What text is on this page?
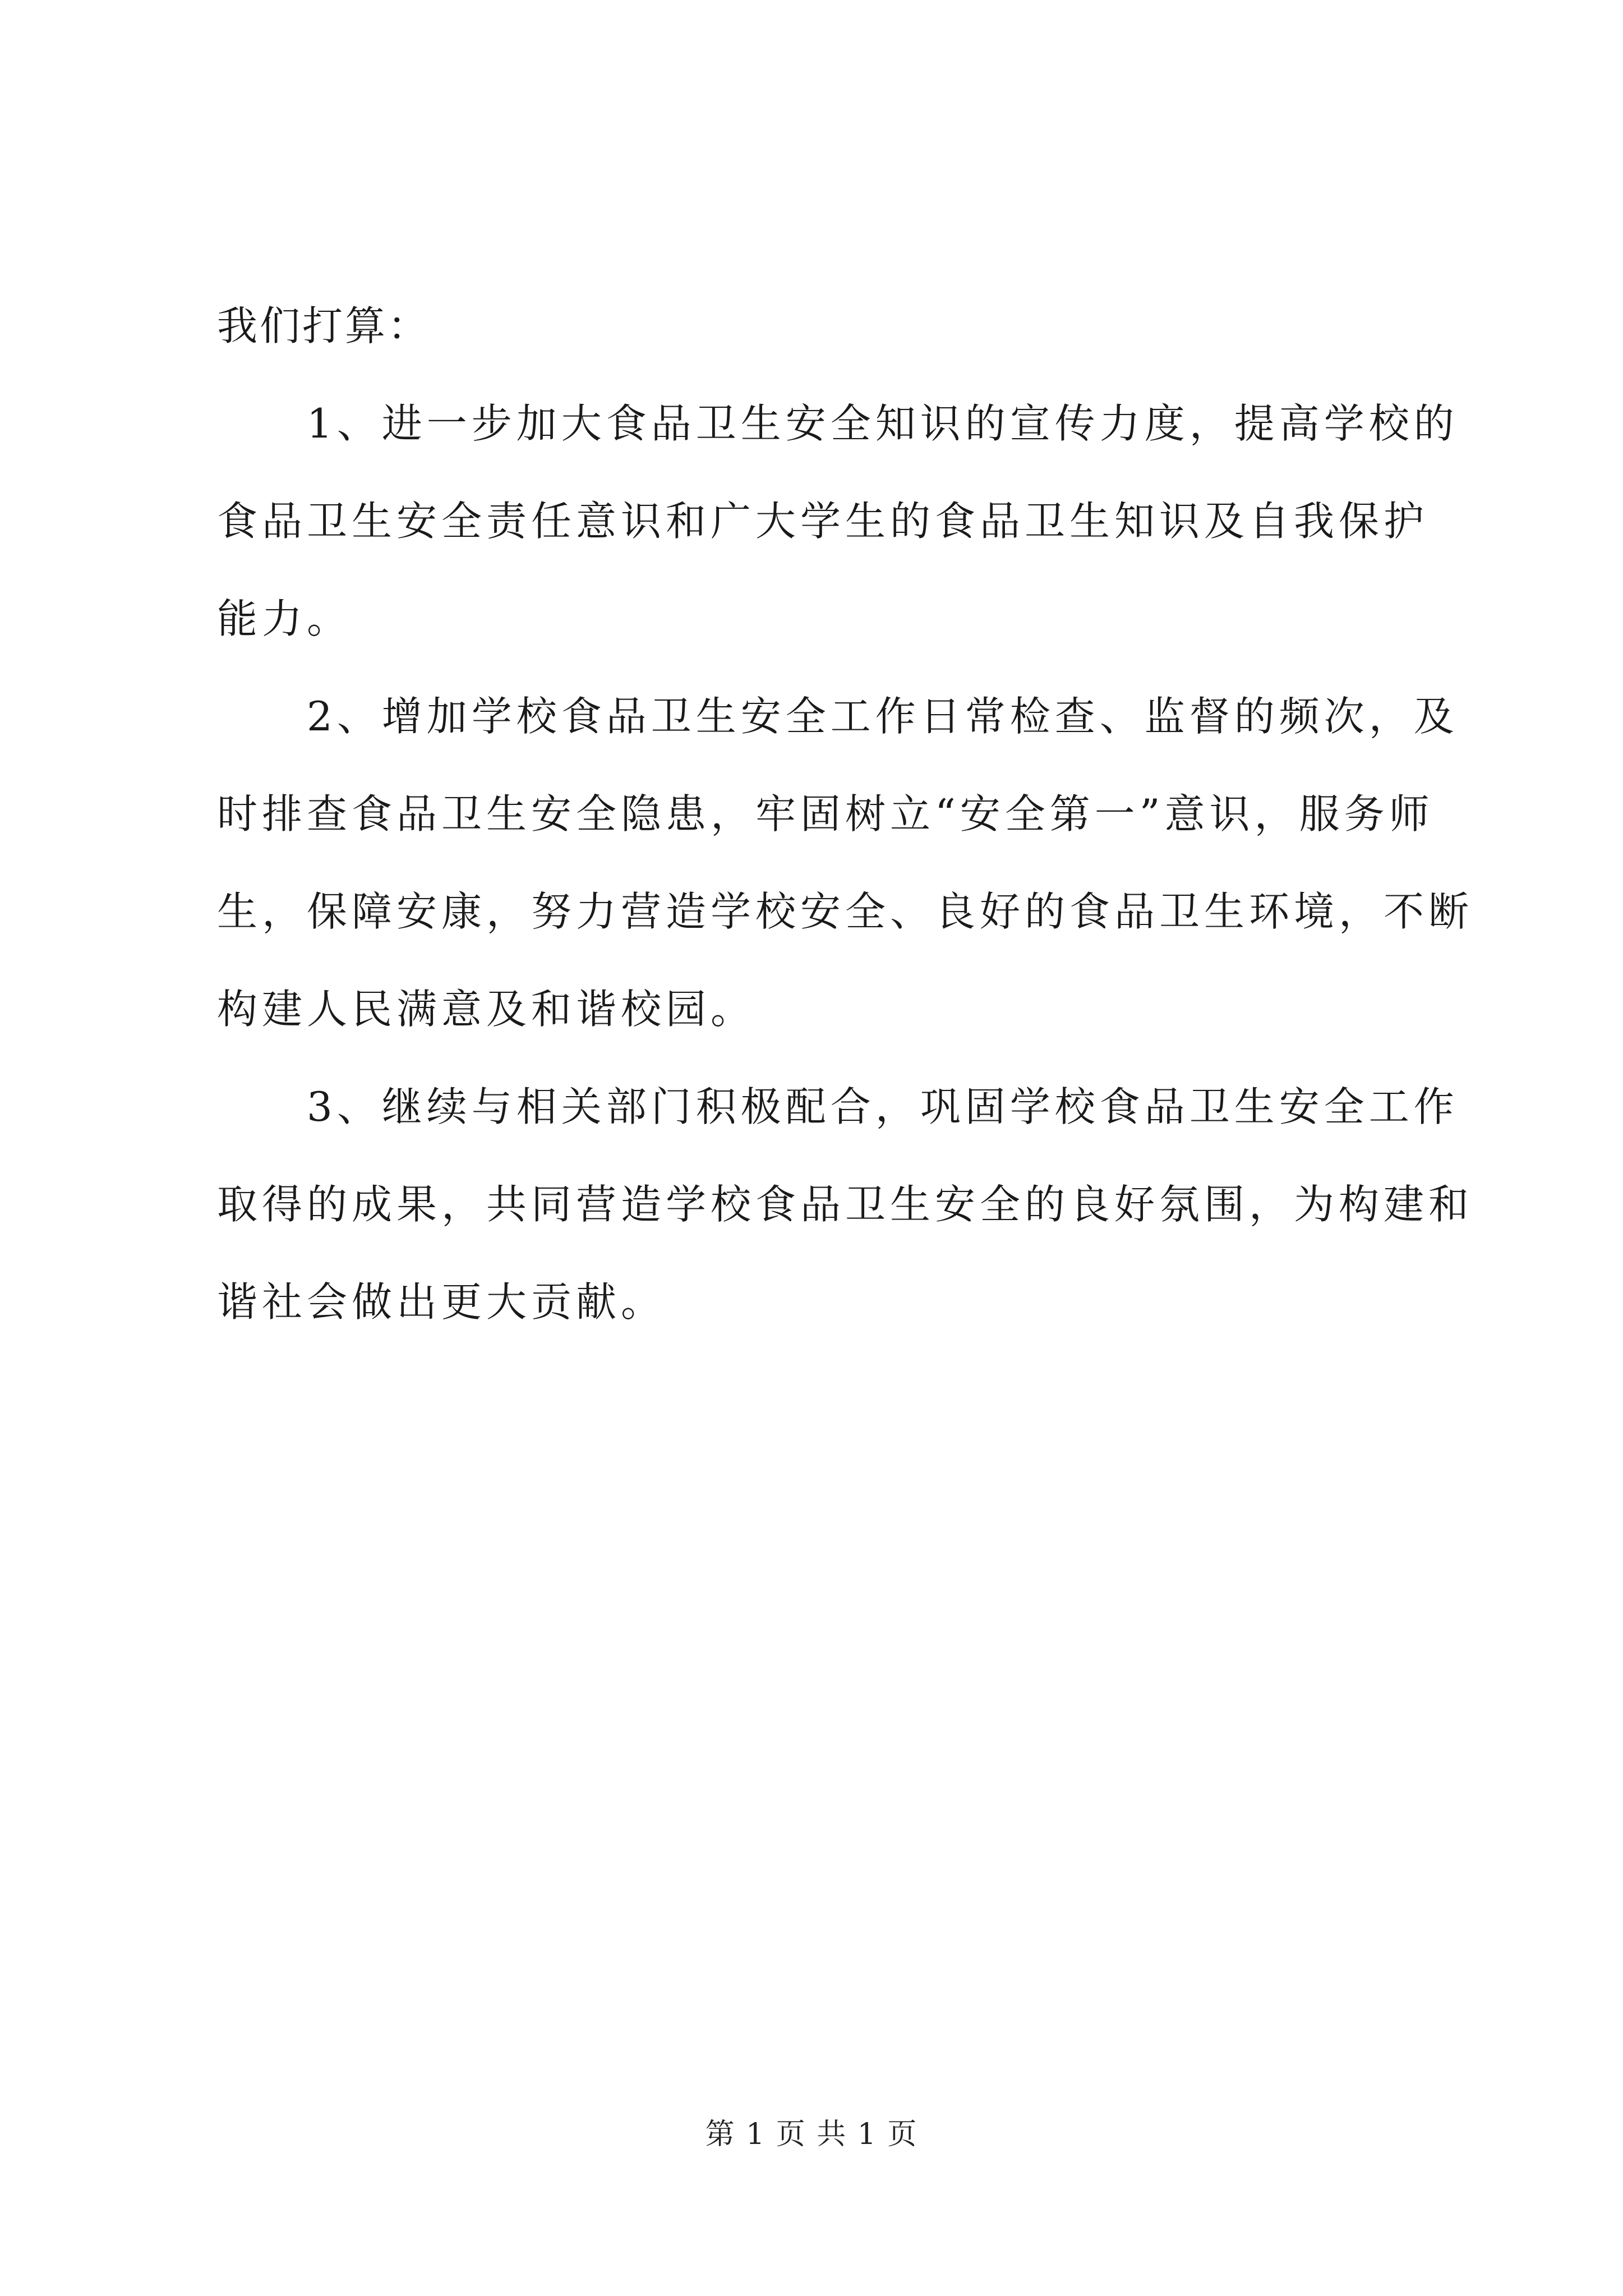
我们打算：

1、进一步加大食品卫生安全知识的宣传力度，提高学校的
食品卫生安全责任意识和广大学生的食品卫生知识及自我保护
能力。
2、增加学校食品卫生安全工作日常检查、监督的频次，及
时排查食品卫生安全隐患，牢固树立“安全第一”意识，服务师
生，保障安康，努力营造学校安全、良好的食品卫生环境，不断
构建人民满意及和谐校园。
3、继续与相关部门积极配合，巩固学校食品卫生安全工作
取得的成果，共同营造学校食品卫生安全的良好氛围，为构建和
谐社会做出更大贡献。
第 1 页 共 1 页
